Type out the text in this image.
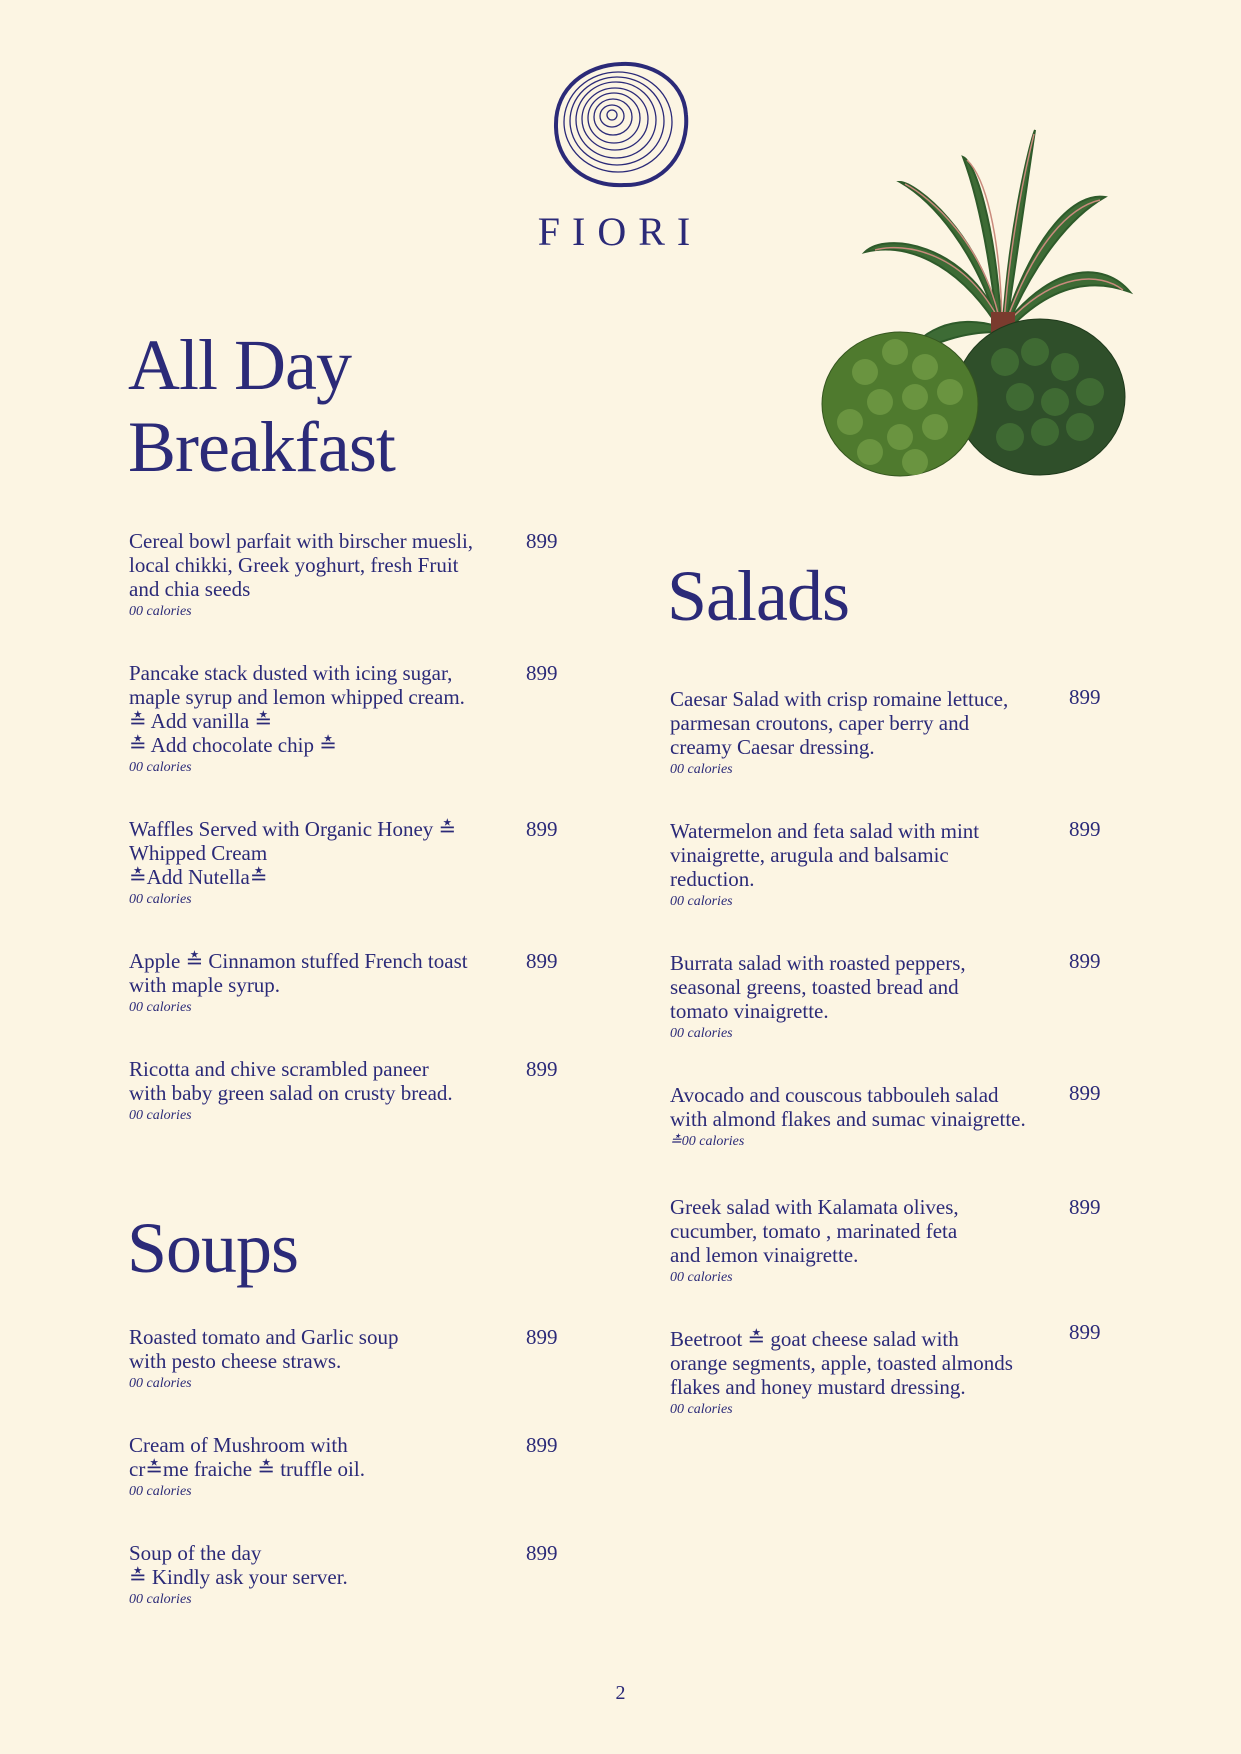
FIORI
All Day
Breakfast
Cereal bowl parfait with birscher muesli,
local chikki, Greek yoghurt, fresh Fruit
and chia seeds
00 calories
899
Pancake stack dusted with icing sugar,
maple syrup and lemon whipped cream.
≛ Add vanilla ≛
≛ Add chocolate chip ≛
00 calories
899
Waffles Served with Organic Honey ≛
Whipped Cream
≛Add Nutella≛
00 calories
899
Apple ≛ Cinnamon stuffed French toast
with maple syrup.
00 calories
899
Ricotta and chive scrambled paneer
with baby green salad on crusty bread.
00 calories
899
Soups
Roasted tomato and Garlic soup
with pesto cheese straws.
00 calories
899
Cream of Mushroom with
cr≛me fraiche ≛ truffle oil.
00 calories
899
Soup of the day
≛ Kindly ask your server.
00 calories
899
Salads
Caesar Salad with crisp romaine lettuce,
parmesan croutons, caper berry and
creamy Caesar dressing.
00 calories
899
Watermelon and feta salad with mint
vinaigrette, arugula and balsamic
reduction.
00 calories
899
Burrata salad with roasted peppers,
seasonal greens, toasted bread and
tomato vinaigrette.
00 calories
899
Avocado and couscous tabbouleh salad
with almond flakes and sumac vinaigrette.
≛00 calories
899
Greek salad with Kalamata olives,
cucumber, tomato , marinated feta
and lemon vinaigrette.
00 calories
899
Beetroot ≛ goat cheese salad with
orange segments, apple, toasted almonds
flakes and honey mustard dressing.
00 calories
899
2
